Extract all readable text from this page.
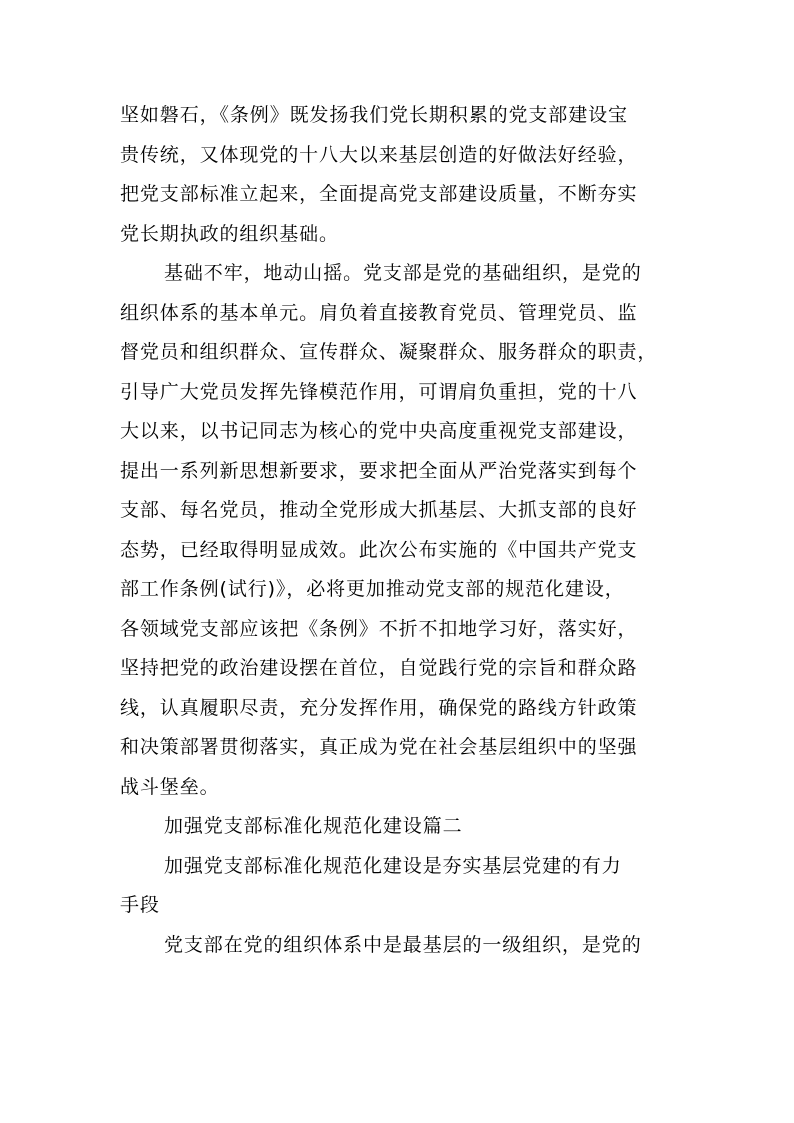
坚如磐石，《条例》既发扬我们党长期积累的党支部建设宝
贵传统，又体现党的十八大以来基层创造的好做法好经验，
把党支部标准立起来，全面提高党支部建设质量，不断夯实
党长期执政的组织基础。
基础不牢，地动山摇。党支部是党的基础组织，是党的
组织体系的基本单元。肩负着直接教育党员、管理党员、监
督党员和组织群众、宣传群众、凝聚群众、服务群众的职责，
引导广大党员发挥先锋模范作用，可谓肩负重担，党的十八
大以来，以书记同志为核心的党中央高度重视党支部建设，
提出一系列新思想新要求，要求把全面从严治党落实到每个
支部、每名党员，推动全党形成大抓基层、大抓支部的良好
态势，已经取得明显成效。此次公布实施的《中国共产党支
部工作条例(试行)》，必将更加推动党支部的规范化建设，
各领域党支部应该把《条例》不折不扣地学习好，落实好，
坚持把党的政治建设摆在首位，自觉践行党的宗旨和群众路
线，认真履职尽责，充分发挥作用，确保党的路线方针政策
和决策部署贯彻落实，真正成为党在社会基层组织中的坚强
战斗堡垒。
加强党支部标准化规范化建设篇二
加强党支部标准化规范化建设是夯实基层党建的有力
手段
党支部在党的组织体系中是最基层的一级组织，是党的
